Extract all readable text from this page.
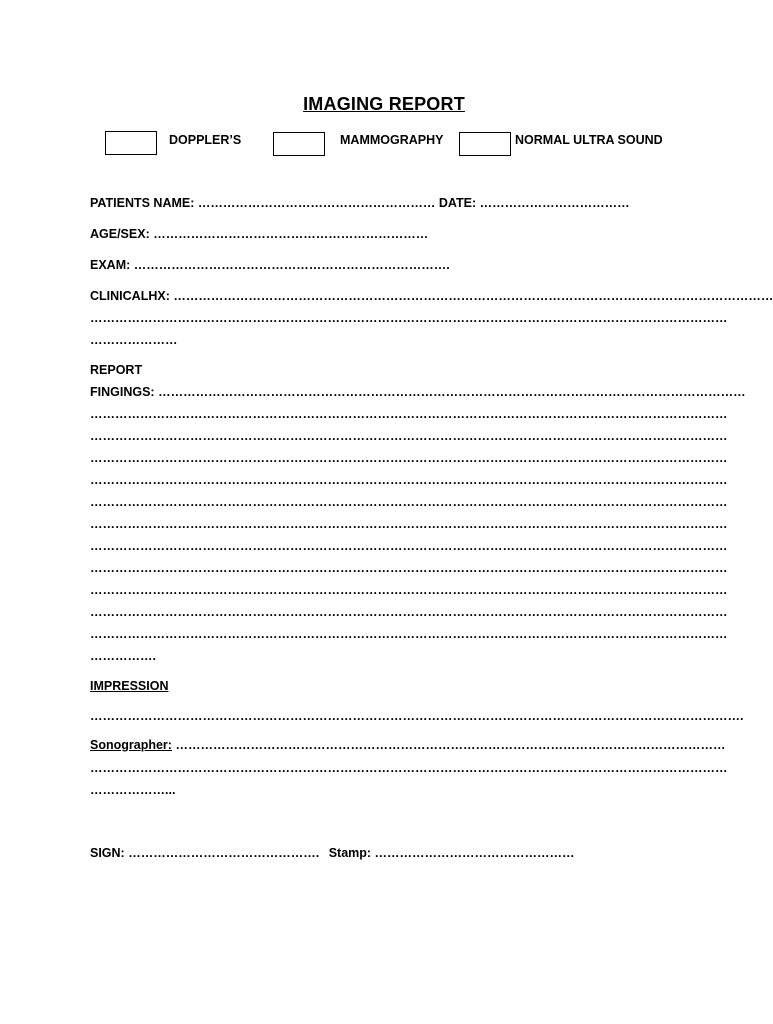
IMAGING REPORT
DOPPLER’S	MAMMOGRAPHY	NORMAL ULTRA SOUND
PATIENTS NAME: ………………………………………………… DATE: ………………………………
AGE/SEX: …………………………………………………………
EXAM: ………………………………………………………………….
CLINICALHX: ………………………………………………………………………………………………………………………………
………………………………………………………………………………………………………………………………………
…………………
REPORT
FINGINGS: ……………………………………………………………………………………………………………………………
………………………………………………………………………………………………………………………………………
………………………………………………………………………………………………………………………………………
………………………………………………………………………………………………………………………………………
………………………………………………………………………………………………………………………………………
………………………………………………………………………………………………………………………………………
………………………………………………………………………………………………………………………………………
………………………………………………………………………………………………………………………………………
………………………………………………………………………………………………………………………………………
………………………………………………………………………………………………………………………………………
………………………………………………………………………………………………………………………………………
………………………………………………………………………………………………………………………………………
…………….
IMPRESSION
………………………………………………………………………………………………………………………………………….
Sonographer: ……………………………………………………………………………………………………………………
………………………………………………………………………………………………………………………………………
………………...
SIGN: ………………………………………. Stamp: …………………………………………
